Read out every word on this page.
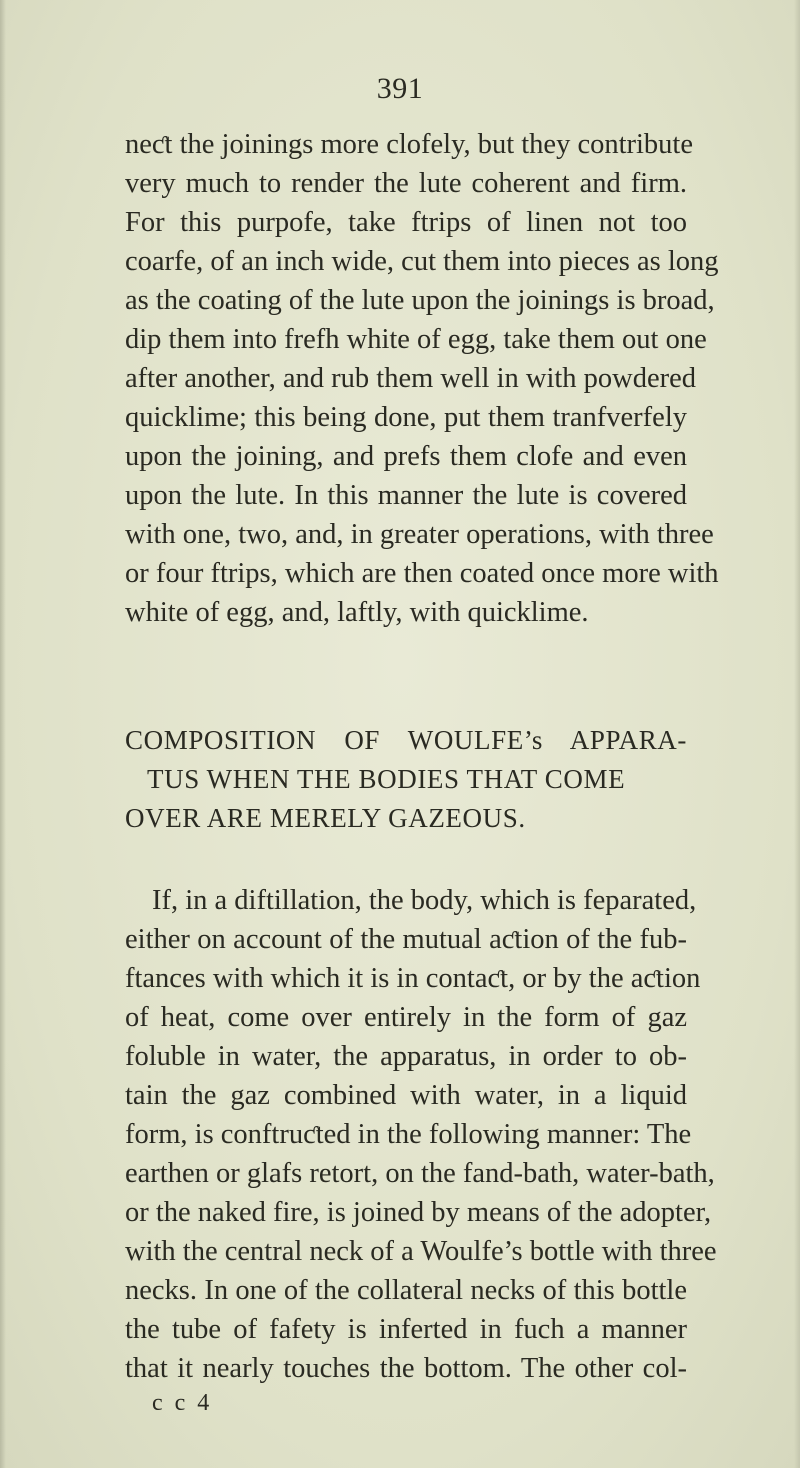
391
neƈt the joinings more clofely, but they contribute
very much to render the lute coherent and firm.
For this purpofe, take ftrips of linen not too
coarfe, of an inch wide, cut them into pieces as long
as the coating of the lute upon the joinings is broad,
dip them into frefh white of egg, take them out one
after another, and rub them well in with powdered
quicklime; this being done, put them tranfverfely
upon the joining, and prefs them clofe and even
upon the lute. In this manner the lute is covered
with one, two, and, in greater operations, with three
or four ftrips, which are then coated once more with
white of egg, and, laftly, with quicklime.
COMPOSITION OF WOULFE’s APPARA-
TUS WHEN THE BODIES THAT COME
OVER ARE MERELY GAZEOUS.
If, in a diftillation, the body, which is feparated,
either on account of the mutual aƈtion of the fub-
ftances with which it is in contaƈt, or by the aƈtion
of heat, come over entirely in the form of gaz
foluble in water, the apparatus, in order to ob-
tain the gaz combined with water, in a liquid
form, is conftruƈted in the following manner: The
earthen or glafs retort, on the fand-bath, water-bath,
or the naked fire, is joined by means of the adopter,
with the central neck of a Woulfe’s bottle with three
necks. In one of the collateral necks of this bottle
the tube of fafety is inferted in fuch a manner
that it nearly touches the bottom. The other col-
c c 4
